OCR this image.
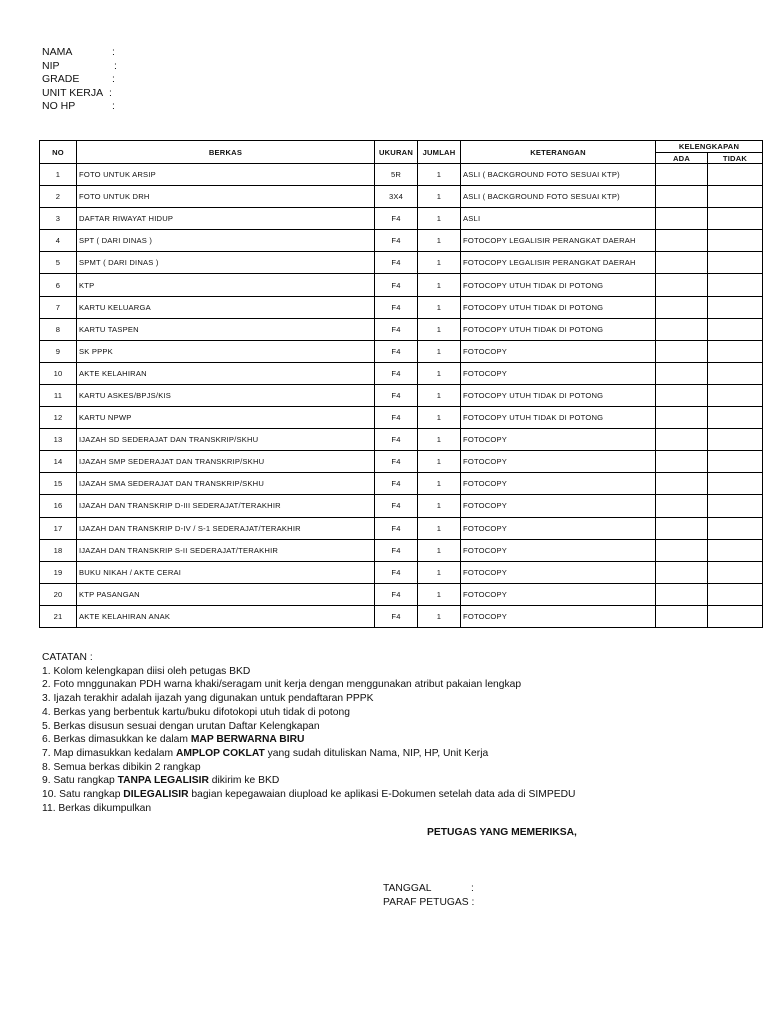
NAMA	:
NIP	:
GRADE	:
UNIT KERJA :
NO HP	:
NO	BERKAS	UKURAN	JUMLAH	KETERANGAN	KELENGKAPAN	
					ADA	TIDAK
1	FOTO UNTUK ARSIP	5R	1	ASLI ( BACKGROUND FOTO SESUAI KTP)		
2	FOTO UNTUK DRH	3X4	1	ASLI ( BACKGROUND FOTO SESUAI KTP)		
3	DAFTAR RIWAYAT HIDUP	F4	1	ASLI		
4	SPT ( DARI DINAS )	F4	1	FOTOCOPY LEGALISIR PERANGKAT DAERAH		
5	SPMT ( DARI DINAS )	F4	1	FOTOCOPY LEGALISIR PERANGKAT DAERAH		
6	KTP	F4	1	FOTOCOPY UTUH TIDAK DI POTONG		
7	KARTU KELUARGA	F4	1	FOTOCOPY UTUH TIDAK DI POTONG		
8	KARTU TASPEN	F4	1	FOTOCOPY UTUH TIDAK DI POTONG		
9	SK PPPK	F4	1	FOTOCOPY		
10	AKTE KELAHIRAN	F4	1	FOTOCOPY		
11	KARTU ASKES/BPJS/KIS	F4	1	FOTOCOPY UTUH TIDAK DI POTONG		
12	KARTU NPWP	F4	1	FOTOCOPY UTUH TIDAK DI POTONG		
13	IJAZAH SD SEDERAJAT DAN TRANSKRIP/SKHU	F4	1	FOTOCOPY		
14	IJAZAH SMP SEDERAJAT DAN TRANSKRIP/SKHU	F4	1	FOTOCOPY		
15	IJAZAH SMA SEDERAJAT DAN TRANSKRIP/SKHU	F4	1	FOTOCOPY		
16	IJAZAH DAN TRANSKRIP D-III SEDERAJAT/TERAKHIR	F4	1	FOTOCOPY		
17	IJAZAH DAN TRANSKRIP D-IV / S-1 SEDERAJAT/TERAKHIR	F4	1	FOTOCOPY		
18	IJAZAH DAN TRANSKRIP S-II SEDERAJAT/TERAKHIR	F4	1	FOTOCOPY		
19	BUKU NIKAH / AKTE CERAI	F4	1	FOTOCOPY		
20	KTP PASANGAN	F4	1	FOTOCOPY		
21	AKTE KELAHIRAN ANAK	F4	1	FOTOCOPY		
CATATAN :
1. Kolom kelengkapan diisi oleh petugas BKD
2. Foto mnggunakan PDH warna khaki/seragam unit kerja dengan menggunakan atribut pakaian lengkap
3. Ijazah terakhir adalah ijazah yang digunakan untuk pendaftaran PPPK
4. Berkas yang berbentuk kartu/buku difotokopi utuh tidak di potong
5. Berkas disusun sesuai dengan urutan Daftar Kelengkapan
6. Berkas dimasukkan ke dalam MAP BERWARNA BIRU
7. Map dimasukkan kedalam AMPLOP COKLAT yang sudah dituliskan Nama, NIP, HP, Unit Kerja
8. Semua berkas dibikin 2 rangkap
9. Satu rangkap TANPA LEGALISIR dikirim ke BKD
10. Satu rangkap DILEGALISIR bagian kepegawaian diupload ke aplikasi E-Dokumen setelah data ada di SIMPEDU
11. Berkas dikumpulkan
PETUGAS YANG MEMERIKSA,
TANGGAL	:
PARAF PETUGAS :
